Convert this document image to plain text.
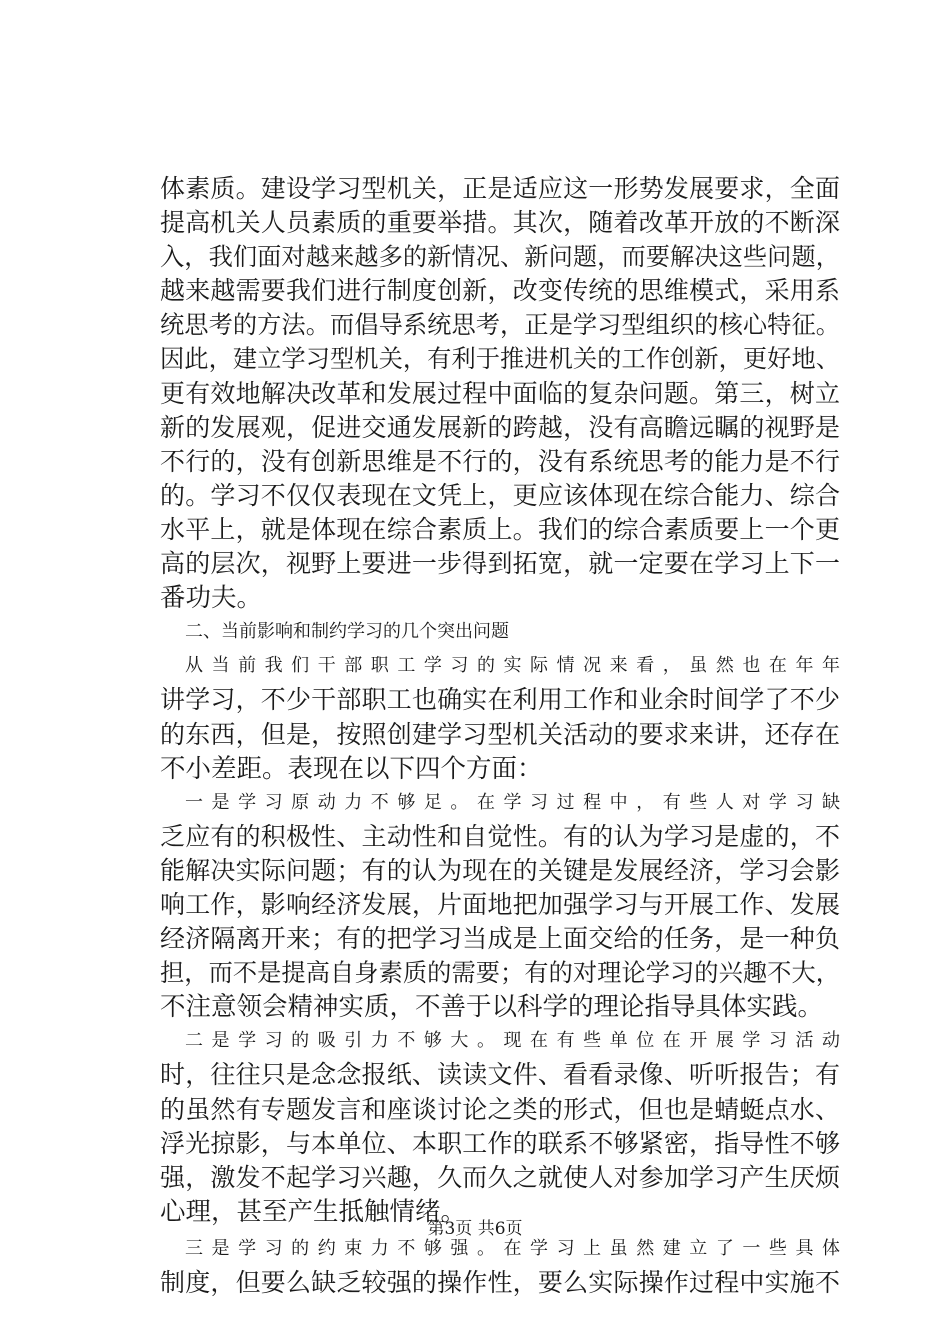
体素质。建设学习型机关，正是适应这一形势发展要求，全面
提高机关人员素质的重要举措。其次，随着改革开放的不断深
入，我们面对越来越多的新情况、新问题，而要解决这些问题，
越来越需要我们进行制度创新，改变传统的思维模式，采用系
统思考的方法。而倡导系统思考，正是学习型组织的核心特征。
因此，建立学习型机关，有利于推进机关的工作创新，更好地、
更有效地解决改革和发展过程中面临的复杂问题。第三，树立
新的发展观，促进交通发展新的跨越，没有高瞻远瞩的视野是
不行的，没有创新思维是不行的，没有系统思考的能力是不行
的。学习不仅仅表现在文凭上，更应该体现在综合能力、综合
水平上，就是体现在综合素质上。我们的综合素质要上一个更
高的层次，视野上要进一步得到拓宽，就一定要在学习上下一
番功夫。
二、当前影响和制约学习的几个突出问题
从当前我们干部职工学习的实际情况来看，虽然也在年年
讲学习，不少干部职工也确实在利用工作和业余时间学了不少
的东西，但是，按照创建学习型机关活动的要求来讲，还存在
不小差距。表现在以下四个方面：
一是学习原动力不够足。在学习过程中，有些人对学习缺
乏应有的积极性、主动性和自觉性。有的认为学习是虚的，不
能解决实际问题；有的认为现在的关键是发展经济，学习会影
响工作，影响经济发展，片面地把加强学习与开展工作、发展
经济隔离开来；有的把学习当成是上面交给的任务，是一种负
担，而不是提高自身素质的需要；有的对理论学习的兴趣不大，
不注意领会精神实质，不善于以科学的理论指导具体实践。
二是学习的吸引力不够大。现在有些单位在开展学习活动
时，往往只是念念报纸、读读文件、看看录像、听听报告；有
的虽然有专题发言和座谈讨论之类的形式，但也是蜻蜓点水、
浮光掠影，与本单位、本职工作的联系不够紧密，指导性不够
强，激发不起学习兴趣，久而久之就使人对参加学习产生厌烦
心理，甚至产生抵触情绪。
三是学习的约束力不够强。在学习上虽然建立了一些具体
制度，但要么缺乏较强的操作性，要么实际操作过程中实施不
第3页 共6页
